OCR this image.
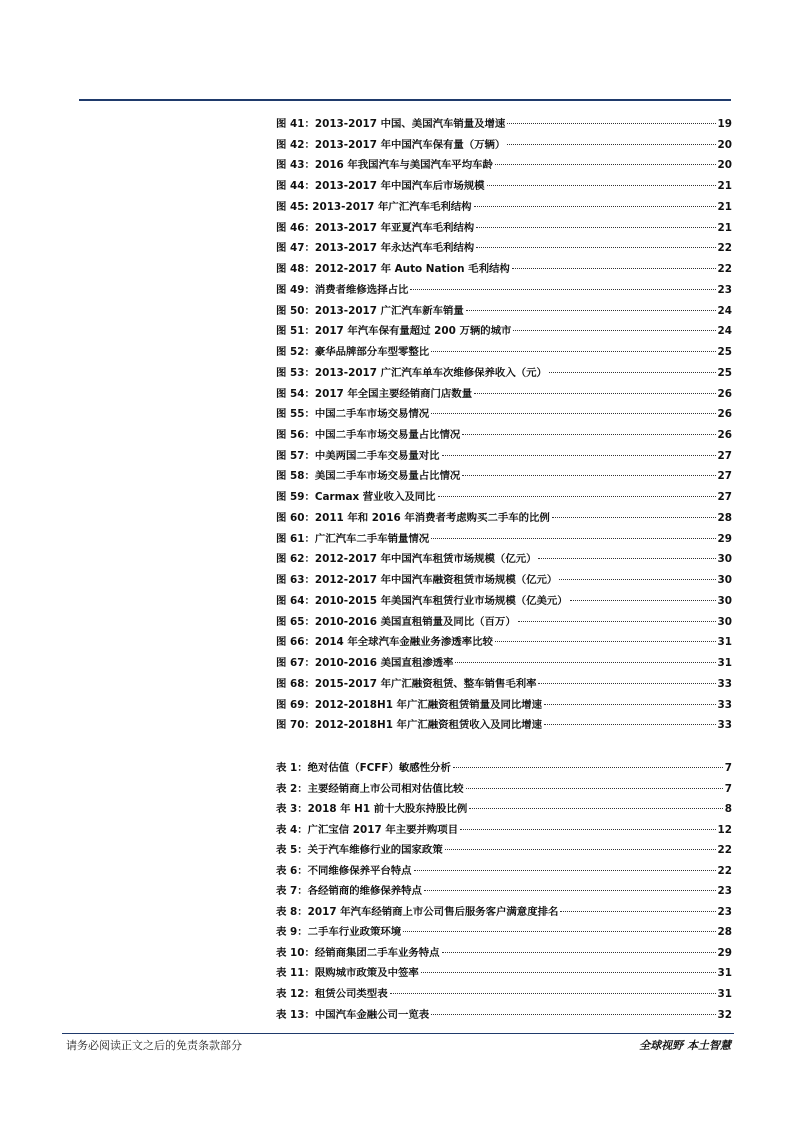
图 41：2013-2017 中国、美国汽车销量及增速	19
图 42：2013-2017 年中国汽车保有量（万辆）	20
图 43：2016 年我国汽车与美国汽车平均车龄	20
图 44：2013-2017 年中国汽车后市场规模	21
图 45: 2013-2017 年广汇汽车毛利结构	21
图 46：2013-2017 年亚夏汽车毛利结构	21
图 47：2013-2017 年永达汽车毛利结构	22
图 48：2012-2017 年 Auto Nation 毛利结构	22
图 49：消费者维修选择占比	23
图 50：2013-2017 广汇汽车新车销量	24
图 51：2017 年汽车保有量超过 200 万辆的城市	24
图 52：豪华品牌部分车型零整比	25
图 53：2013-2017 广汇汽车单车次维修保养收入（元）	25
图 54：2017 年全国主要经销商门店数量	26
图 55：中国二手车市场交易情况	26
图 56：中国二手车市场交易量占比情况	26
图 57：中美两国二手车交易量对比	27
图 58：美国二手车市场交易量占比情况	27
图 59：Carmax 营业收入及同比	27
图 60：2011 年和 2016 年消费者考虑购买二手车的比例	28
图 61：广汇汽车二手车销量情况	29
图 62：2012-2017 年中国汽车租赁市场规模（亿元）	30
图 63：2012-2017 年中国汽车融资租赁市场规模（亿元）	30
图 64：2010-2015 年美国汽车租赁行业市场规模（亿美元）	30
图 65：2010-2016 美国直租销量及同比（百万）	30
图 66：2014 年全球汽车金融业务渗透率比较	31
图 67：2010-2016 美国直租渗透率	31
图 68：2015-2017 年广汇融资租赁、整车销售毛利率	33
图 69：2012-2018H1 年广汇融资租赁销量及同比增速	33
图 70：2012-2018H1 年广汇融资租赁收入及同比增速	33
表 1：绝对估值（FCFF）敏感性分析	7
表 2：主要经销商上市公司相对估值比较	7
表 3：2018 年 H1 前十大股东持股比例	8
表 4：广汇宝信 2017 年主要并购项目	12
表 5：关于汽车维修行业的国家政策	22
表 6：不同维修保养平台特点	22
表 7：各经销商的维修保养特点	23
表 8：2017 年汽车经销商上市公司售后服务客户满意度排名	23
表 9：二手车行业政策环境	28
表 10：经销商集团二手车业务特点	29
表 11：限购城市政策及中签率	31
表 12：租赁公司类型表	31
表 13：中国汽车金融公司一览表	32
请务必阅读正文之后的免责条款部分	全球视野 本土智慧
